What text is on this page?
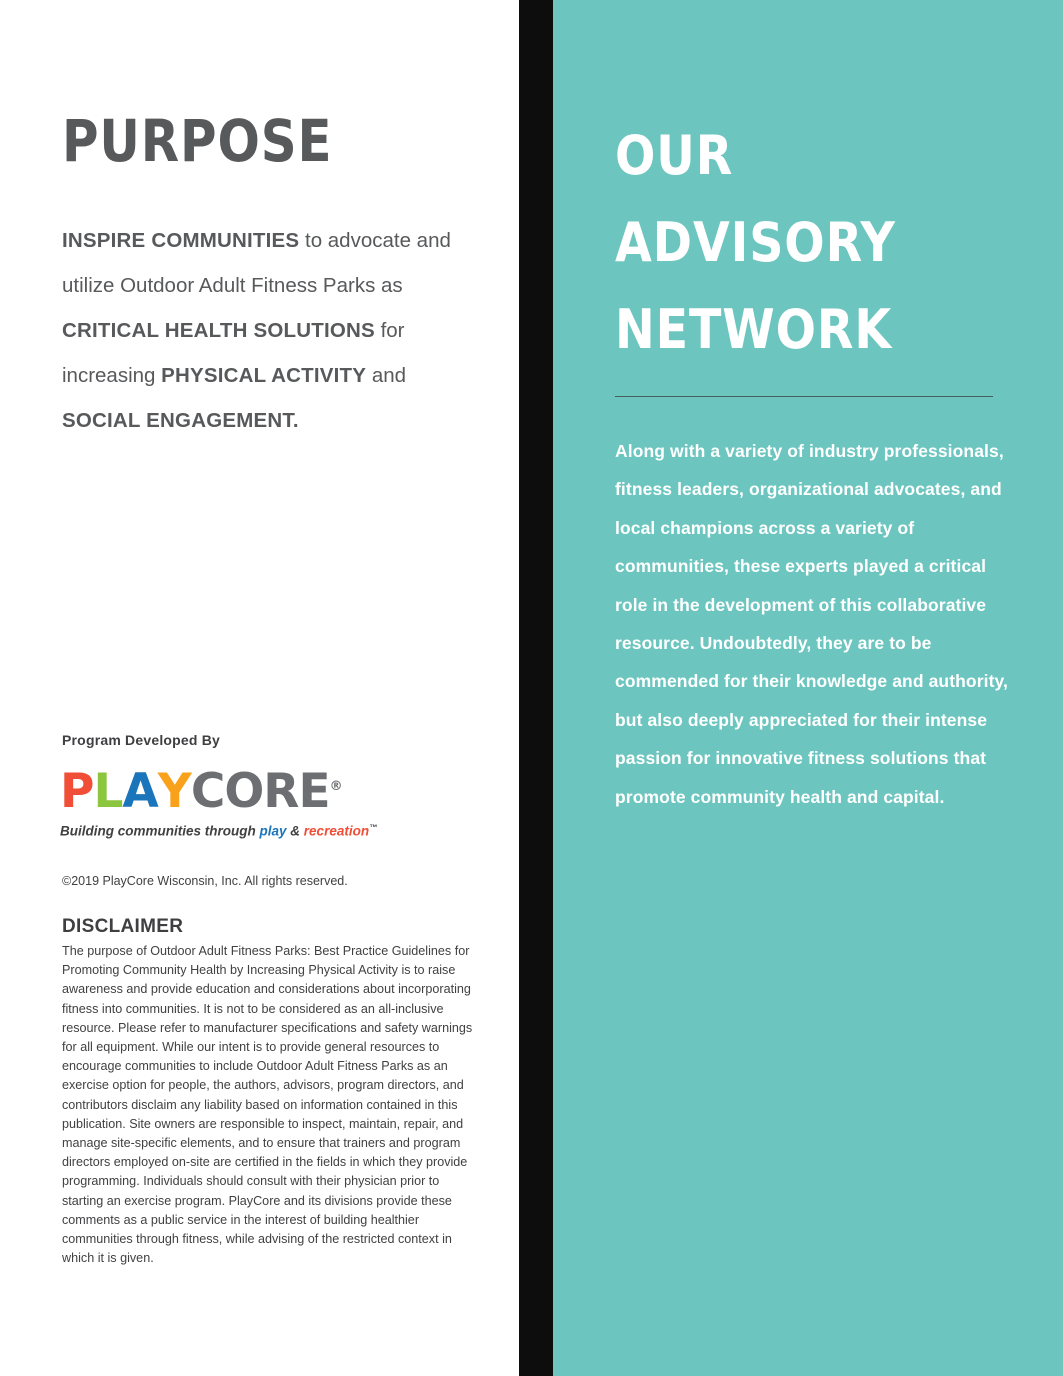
PURPOSE
INSPIRE COMMUNITIES to advocate and utilize Outdoor Adult Fitness Parks as CRITICAL HEALTH SOLUTIONS for increasing PHYSICAL ACTIVITY and SOCIAL ENGAGEMENT.
Program Developed By
PLAYCORE®
Building communities through play & recreation™
©2019 PlayCore Wisconsin, Inc. All rights reserved.
DISCLAIMER
The purpose of Outdoor Adult Fitness Parks: Best Practice Guidelines for Promoting Community Health by Increasing Physical Activity is to raise awareness and provide education and considerations about incorporating fitness into communities. It is not to be considered as an all-inclusive resource. Please refer to manufacturer specifications and safety warnings for all equipment. While our intent is to provide general resources to encourage communities to include Outdoor Adult Fitness Parks as an exercise option for people, the authors, advisors, program directors, and contributors disclaim any liability based on information contained in this publication. Site owners are responsible to inspect, maintain, repair, and manage site-specific elements, and to ensure that trainers and program directors employed on-site are certified in the fields in which they provide programming. Individuals should consult with their physician prior to starting an exercise program. PlayCore and its divisions provide these comments as a public service in the interest of building healthier communities through fitness, while advising of the restricted context in which it is given.
OUR
ADVISORY
NETWORK
Along with a variety of industry professionals, fitness leaders, organizational advocates, and local champions across a variety of communities, these experts played a critical role in the development of this collaborative resource. Undoubtedly, they are to be commended for their knowledge and authority, but also deeply appreciated for their intense passion for innovative fitness solutions that promote community health and capital.
